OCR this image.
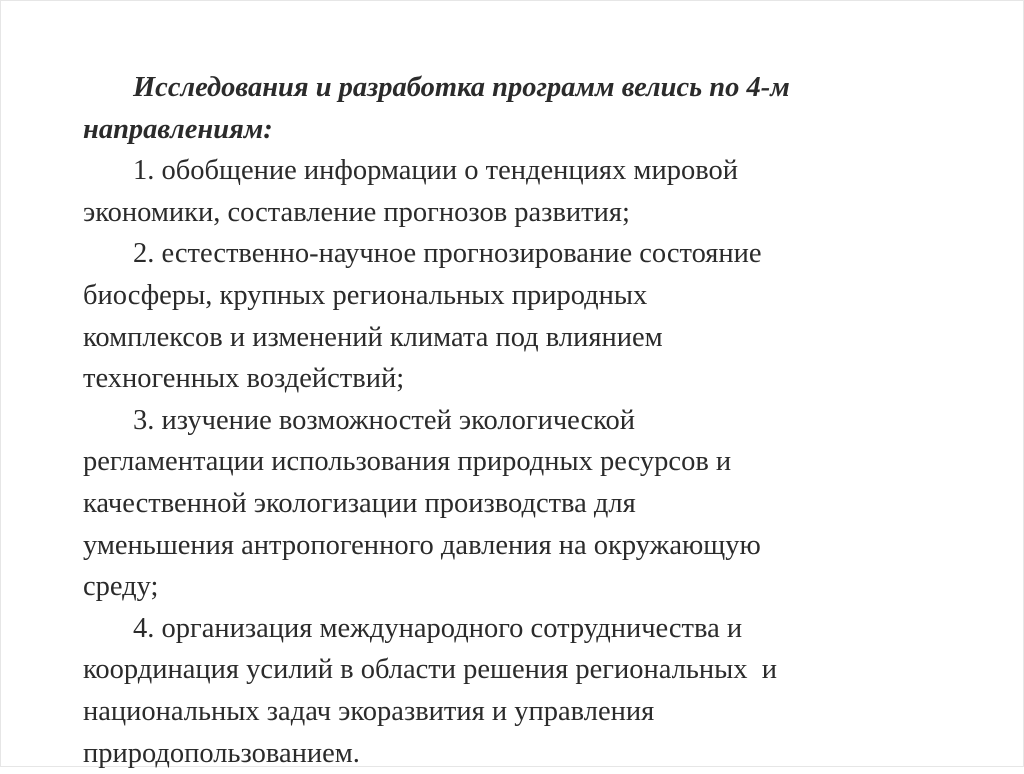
Исследования и разработка программ велись по 4-м
направлениям:
1. обобщение информации о тенденциях мировой
экономики, составление прогнозов развития;
2. естественно-научное прогнозирование состояние
биосферы, крупных региональных природных
комплексов и изменений климата под влиянием
техногенных воздействий;
3. изучение возможностей экологической
регламентации использования природных ресурсов и
качественной экологизации производства для
уменьшения антропогенного давления на окружающую
среду;
4. организация международного сотрудничества и
координация усилий в области решения региональных  и
национальных задач экоразвития и управления
природопользованием.
